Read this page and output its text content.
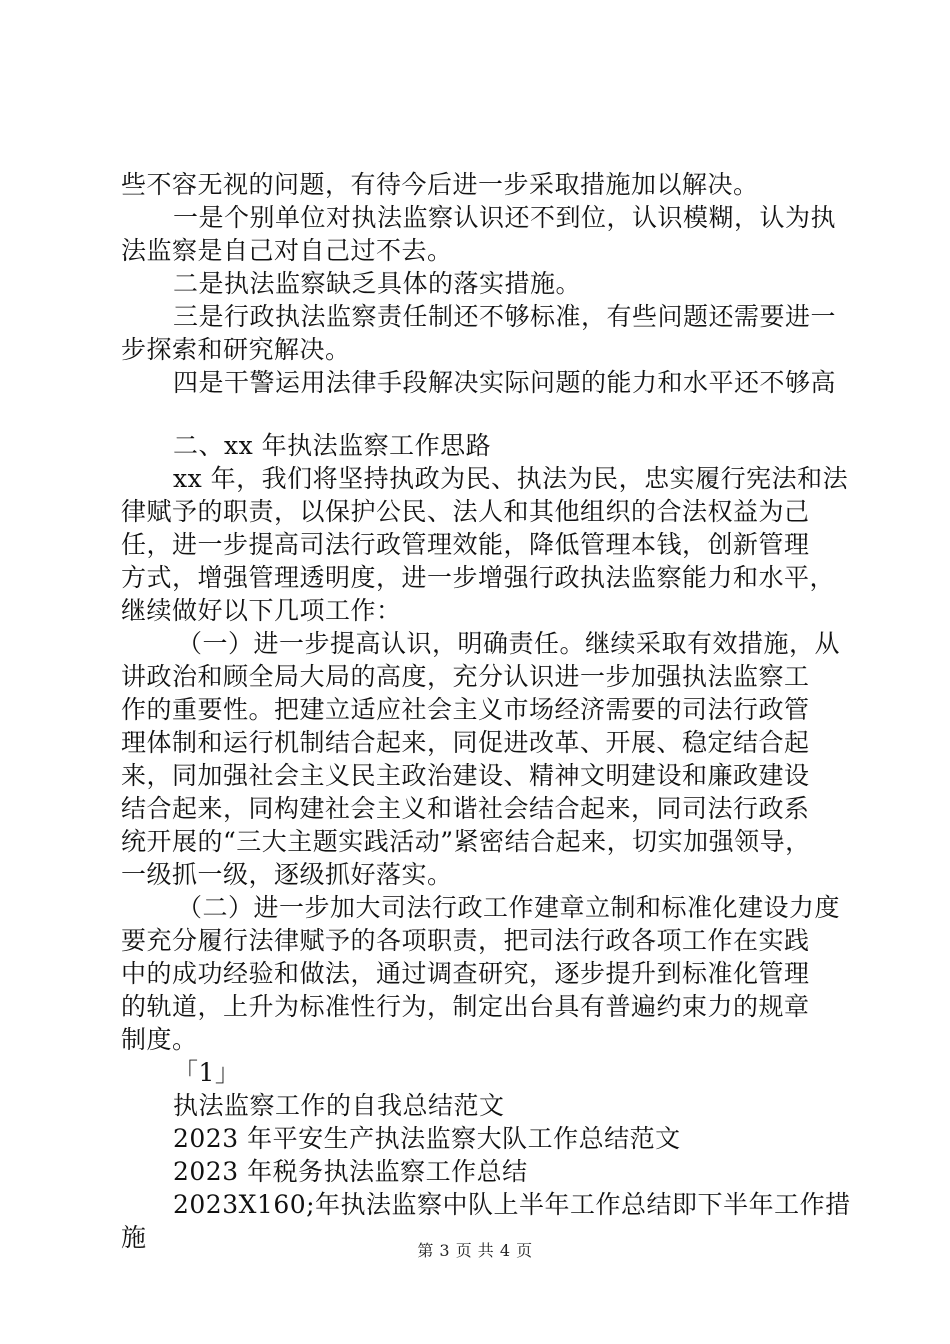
些不容无视的问题，有待今后进一步采取措施加以解决。
一是个别单位对执法监察认识还不到位，认识模糊，认为执
法监察是自己对自己过不去。
二是执法监察缺乏具体的落实措施。
三是行政执法监察责任制还不够标准，有些问题还需要进一
步探索和研究解决。
四是干警运用法律手段解决实际问题的能力和水平还不够高
二、xx 年执法监察工作思路
xx 年，我们将坚持执政为民、执法为民，忠实履行宪法和法
律赋予的职责，以保护公民、法人和其他组织的合法权益为己
任，进一步提高司法行政管理效能，降低管理本钱，创新管理
方式，增强管理透明度，进一步增强行政执法监察能力和水平，
继续做好以下几项工作：
（一）进一步提高认识，明确责任。继续采取有效措施，从
讲政治和顾全局大局的高度，充分认识进一步加强执法监察工
作的重要性。把建立适应社会主义市场经济需要的司法行政管
理体制和运行机制结合起来，同促进改革、开展、稳定结合起
来，同加强社会主义民主政治建设、精神文明建设和廉政建设
结合起来，同构建社会主义和谐社会结合起来，同司法行政系
统开展的“三大主题实践活动”紧密结合起来，切实加强领导，
一级抓一级，逐级抓好落实。
（二）进一步加大司法行政工作建章立制和标准化建设力度
要充分履行法律赋予的各项职责，把司法行政各项工作在实践
中的成功经验和做法，通过调查研究，逐步提升到标准化管理
的轨道，上升为标准性行为，制定出台具有普遍约束力的规章
制度。
「1」
执法监察工作的自我总结范文
2023 年平安生产执法监察大队工作总结范文
2023 年税务执法监察工作总结
2023X160;年执法监察中队上半年工作总结即下半年工作措
施	第 3 页 共 4 页
